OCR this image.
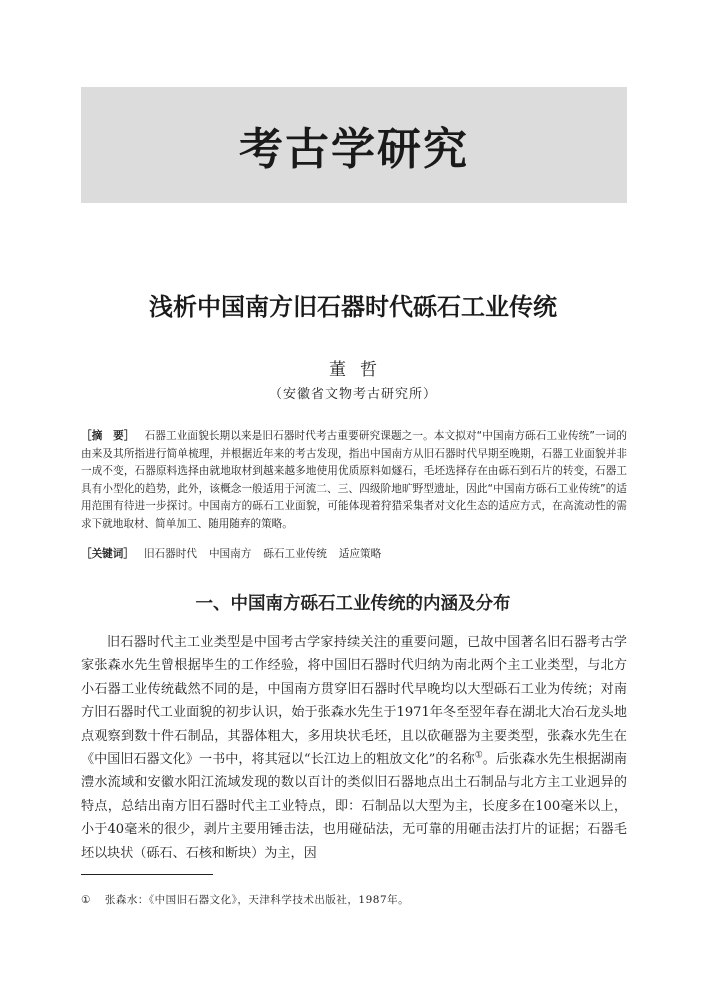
考古学研究
浅析中国南方旧石器时代砾石工业传统
董哲
（安徽省文物考古研究所）

［摘　要］ 石器工业面貌长期以来是旧石器时代考古重要研究课题之一。本文拟对“中国南方砾石工业传统”一词的由来及其所指进行简单梳理，并根据近年来的考古发现，指出中国南方从旧石器时代早期至晚期，石器工业面貌并非一成不变，石器原料选择由就地取材到越来越多地使用优质原料如燧石，毛坯选择存在由砾石到石片的转变，石器工具有小型化的趋势，此外，该概念一般适用于河流二、三、四级阶地旷野型遗址，因此“中国南方砾石工业传统”的适用范围有待进一步探讨。中国南方的砾石工业面貌，可能体现着狩猎采集者对文化生态的适应方式，在高流动性的需求下就地取材、简单加工、随用随弃的策略。

［关键词］ 旧石器时代 中国南方 砾石工业传统 适应策略

一、中国南方砾石工业传统的内涵及分布

旧石器时代主工业类型是中国考古学家持续关注的重要问题，已故中国著名旧石器考古学家张森水先生曾根据毕生的工作经验，将中国旧石器时代归纳为南北两个主工业类型，与北方小石器工业传统截然不同的是，中国南方贯穿旧石器时代早晚均以大型砾石工业为传统；对南方旧石器时代工业面貌的初步认识，始于张森水先生于1971年冬至翌年春在湖北大冶石龙头地点观察到数十件石制品，其器体粗大，多用块状毛坯，且以砍砸器为主要类型，张森水先生在《中国旧石器文化》一书中，将其冠以“长江边上的粗放文化”的名称①。后张森水先生根据湖南澧水流域和安徽水阳江流域发现的数以百计的类似旧石器地点出土石制品与北方主工业迥异的特点，总结出南方旧石器时代主工业特点，即：石制品以大型为主，长度多在100毫米以上，小于40毫米的很少，剥片主要用锤击法，也用碰砧法，无可靠的用砸击法打片的证据；石器毛坯以块状（砾石、石核和断块）为主，因

① 张森水：《中国旧石器文化》，天津科学技术出版社，1987年。
